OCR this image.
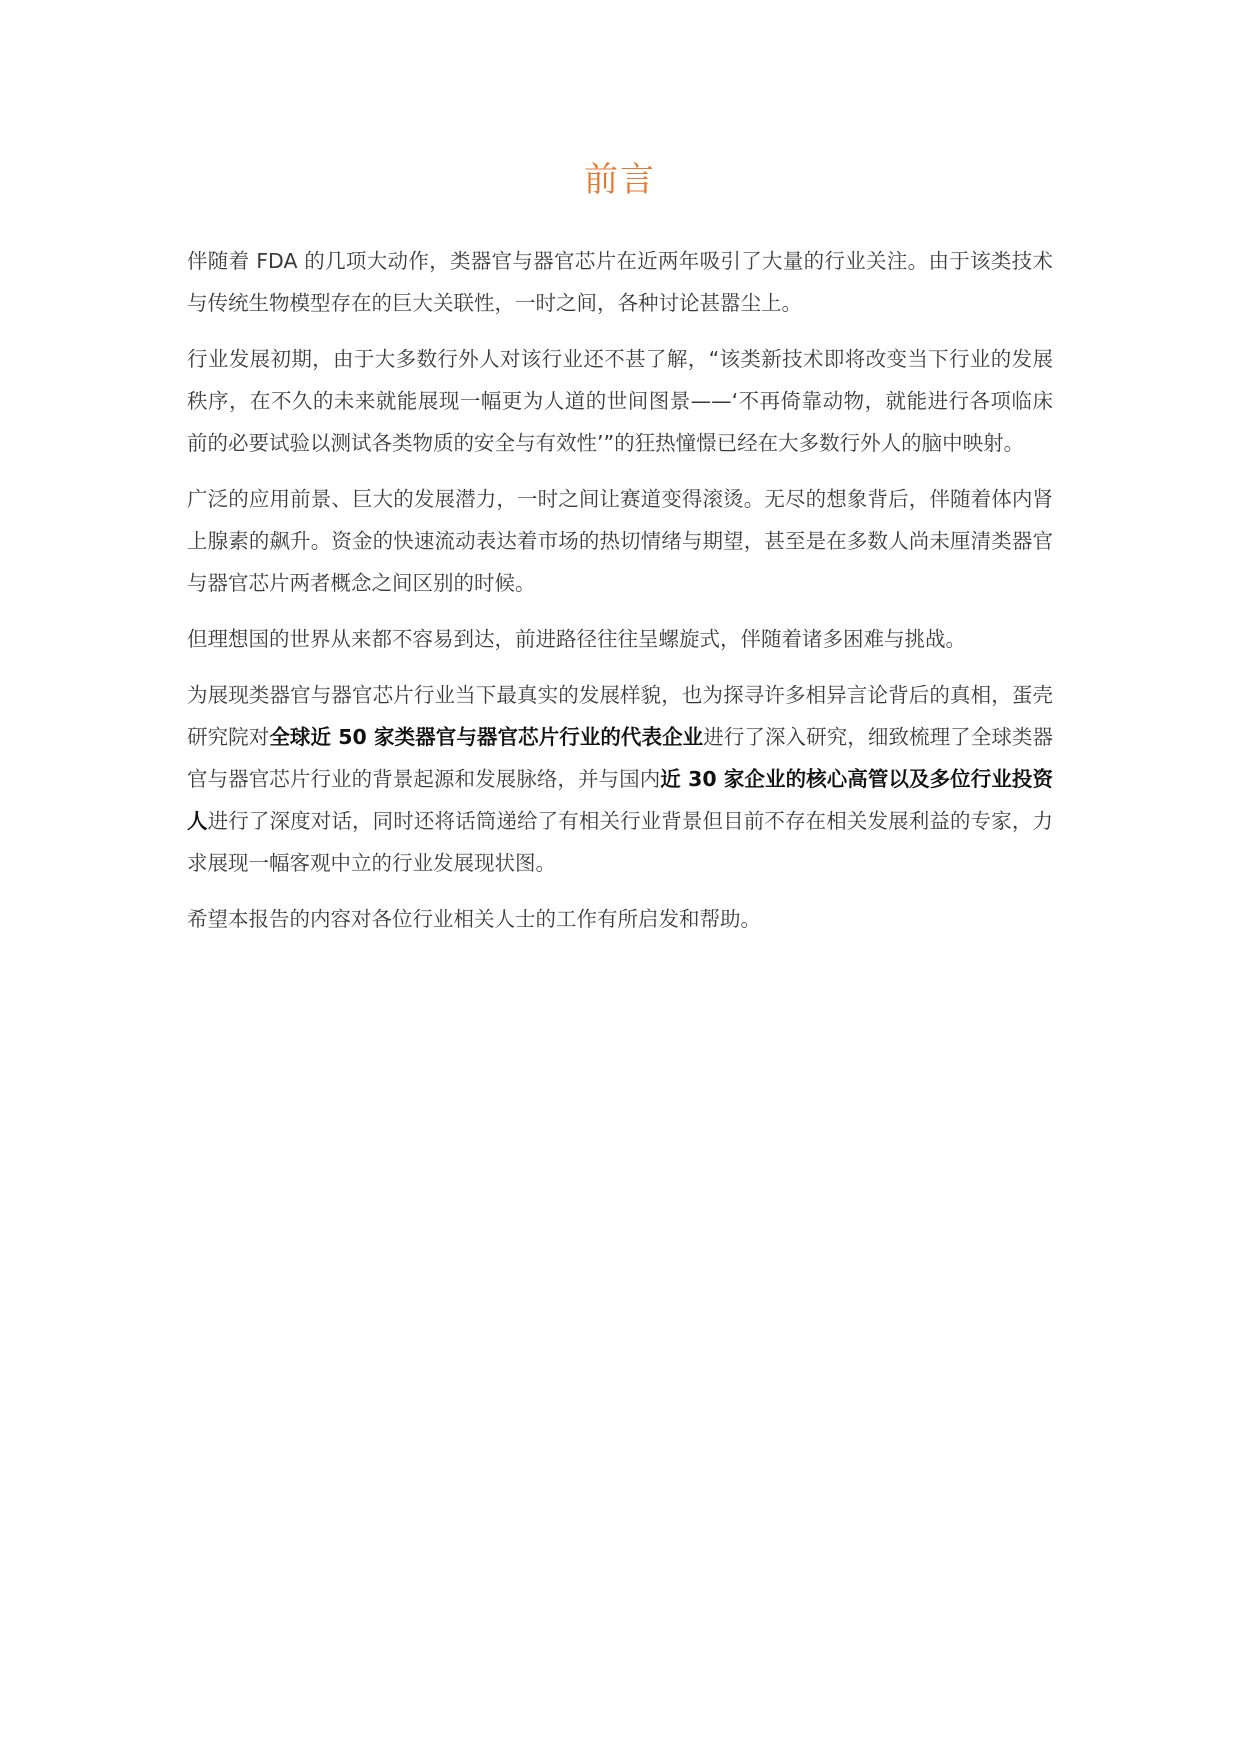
前言

伴随着 FDA 的几项大动作，类器官与器官芯片在近两年吸引了大量的行业关注。由于该类技术与传统生物模型存在的巨大关联性，一时之间，各种讨论甚嚣尘上。

行业发展初期，由于大多数行外人对该行业还不甚了解，“该类新技术即将改变当下行业的发展秩序，在不久的未来就能展现一幅更为人道的世间图景——‘不再倚靠动物，就能进行各项临床前的必要试验以测试各类物质的安全与有效性’”的狂热憧憬已经在大多数行外人的脑中映射。

广泛的应用前景、巨大的发展潜力，一时之间让赛道变得滚烫。无尽的想象背后，伴随着体内肾上腺素的飙升。资金的快速流动表达着市场的热切情绪与期望，甚至是在多数人尚未厘清类器官与器官芯片两者概念之间区别的时候。

但理想国的世界从来都不容易到达，前进路径往往呈螺旋式，伴随着诸多困难与挑战。

为展现类器官与器官芯片行业当下最真实的发展样貌，也为探寻许多相异言论背后的真相，蛋壳研究院对全球近 50 家类器官与器官芯片行业的代表企业进行了深入研究，细致梳理了全球类器官与器官芯片行业的背景起源和发展脉络，并与国内近 30 家企业的核心高管以及多位行业投资人进行了深度对话，同时还将话筒递给了有相关行业背景但目前不存在相关发展利益的专家，力求展现一幅客观中立的行业发展现状图。

希望本报告的内容对各位行业相关人士的工作有所启发和帮助。
